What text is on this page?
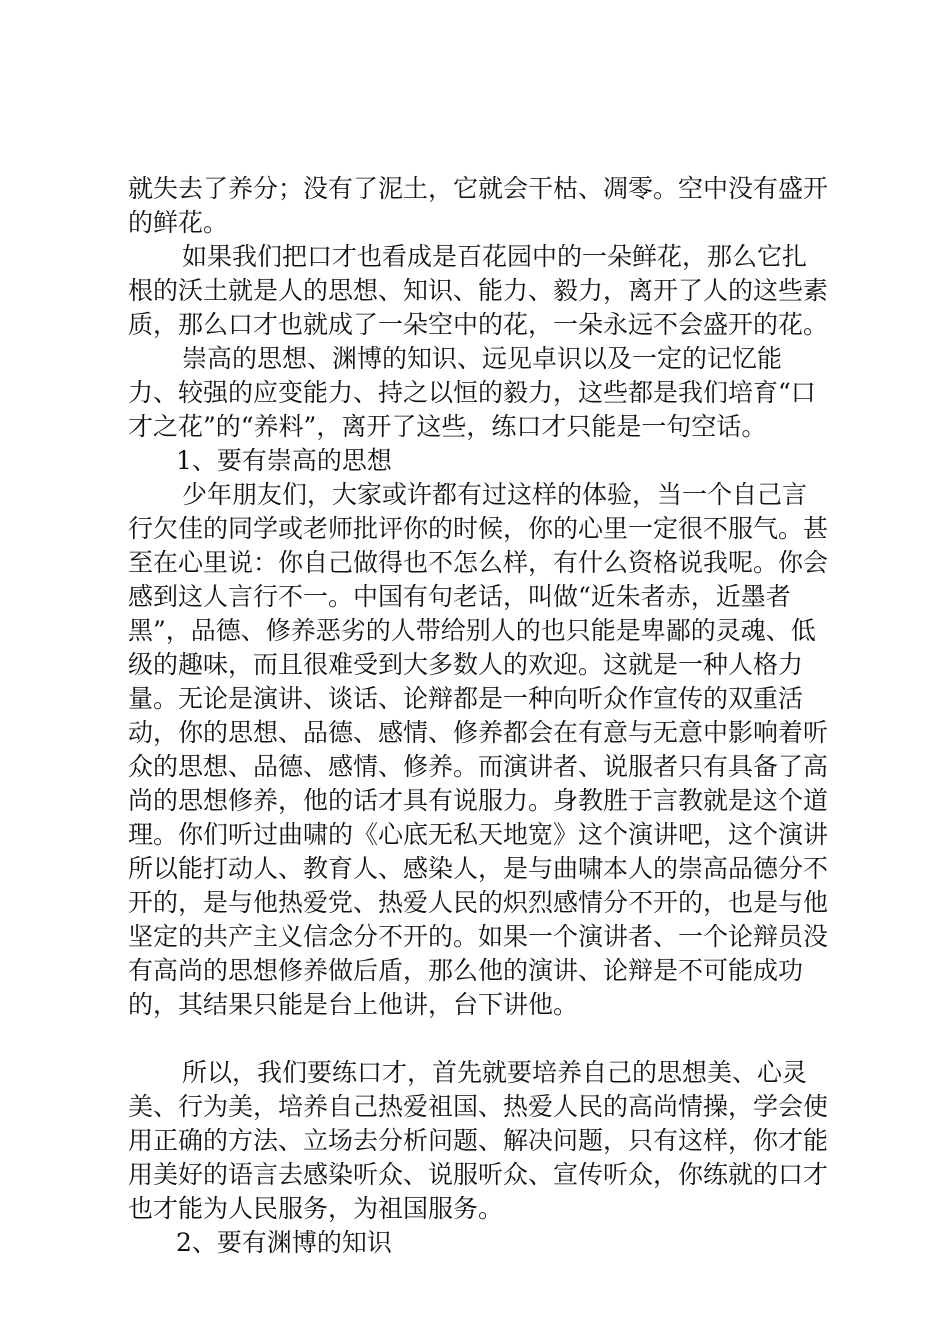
就失去了养分；没有了泥土，它就会干枯、凋零。空中没有盛开的鲜花。

如果我们把口才也看成是百花园中的一朵鲜花，那么它扎根的沃土就是人的思想、知识、能力、毅力，离开了人的这些素质，那么口才也就成了一朵空中的花，一朵永远不会盛开的花。

崇高的思想、渊博的知识、远见卓识以及一定的记忆能力、较强的应变能力、持之以恒的毅力，这些都是我们培育“口才之花”的“养料”，离开了这些，练口才只能是一句空话。

1、要有崇高的思想

少年朋友们，大家或许都有过这样的体验，当一个自己言行欠佳的同学或老师批评你的时候，你的心里一定很不服气。甚至在心里说：你自己做得也不怎么样，有什么资格说我呢。你会感到这人言行不一。中国有句老话，叫做“近朱者赤，近墨者黑”，品德、修养恶劣的人带给别人的也只能是卑鄙的灵魂、低级的趣味，而且很难受到大多数人的欢迎。这就是一种人格力量。无论是演讲、谈话、论辩都是一种向听众作宣传的双重活动，你的思想、品德、感情、修养都会在有意与无意中影响着听众的思想、品德、感情、修养。而演讲者、说服者只有具备了高尚的思想修养，他的话才具有说服力。身教胜于言教就是这个道理。你们听过曲啸的《心底无私天地宽》这个演讲吧，这个演讲所以能打动人、教育人、感染人，是与曲啸本人的崇高品德分不开的，是与他热爱党、热爱人民的炽烈感情分不开的，也是与他坚定的共产主义信念分不开的。如果一个演讲者、一个论辩员没有高尚的思想修养做后盾，那么他的演讲、论辩是不可能成功的，其结果只能是台上他讲，台下讲他。

所以，我们要练口才，首先就要培养自己的思想美、心灵美、行为美，培养自己热爱祖国、热爱人民的高尚情操，学会使用正确的方法、立场去分析问题、解决问题，只有这样，你才能用美好的语言去感染听众、说服听众、宣传听众，你练就的口才也才能为人民服务，为祖国服务。

2、要有渊博的知识
